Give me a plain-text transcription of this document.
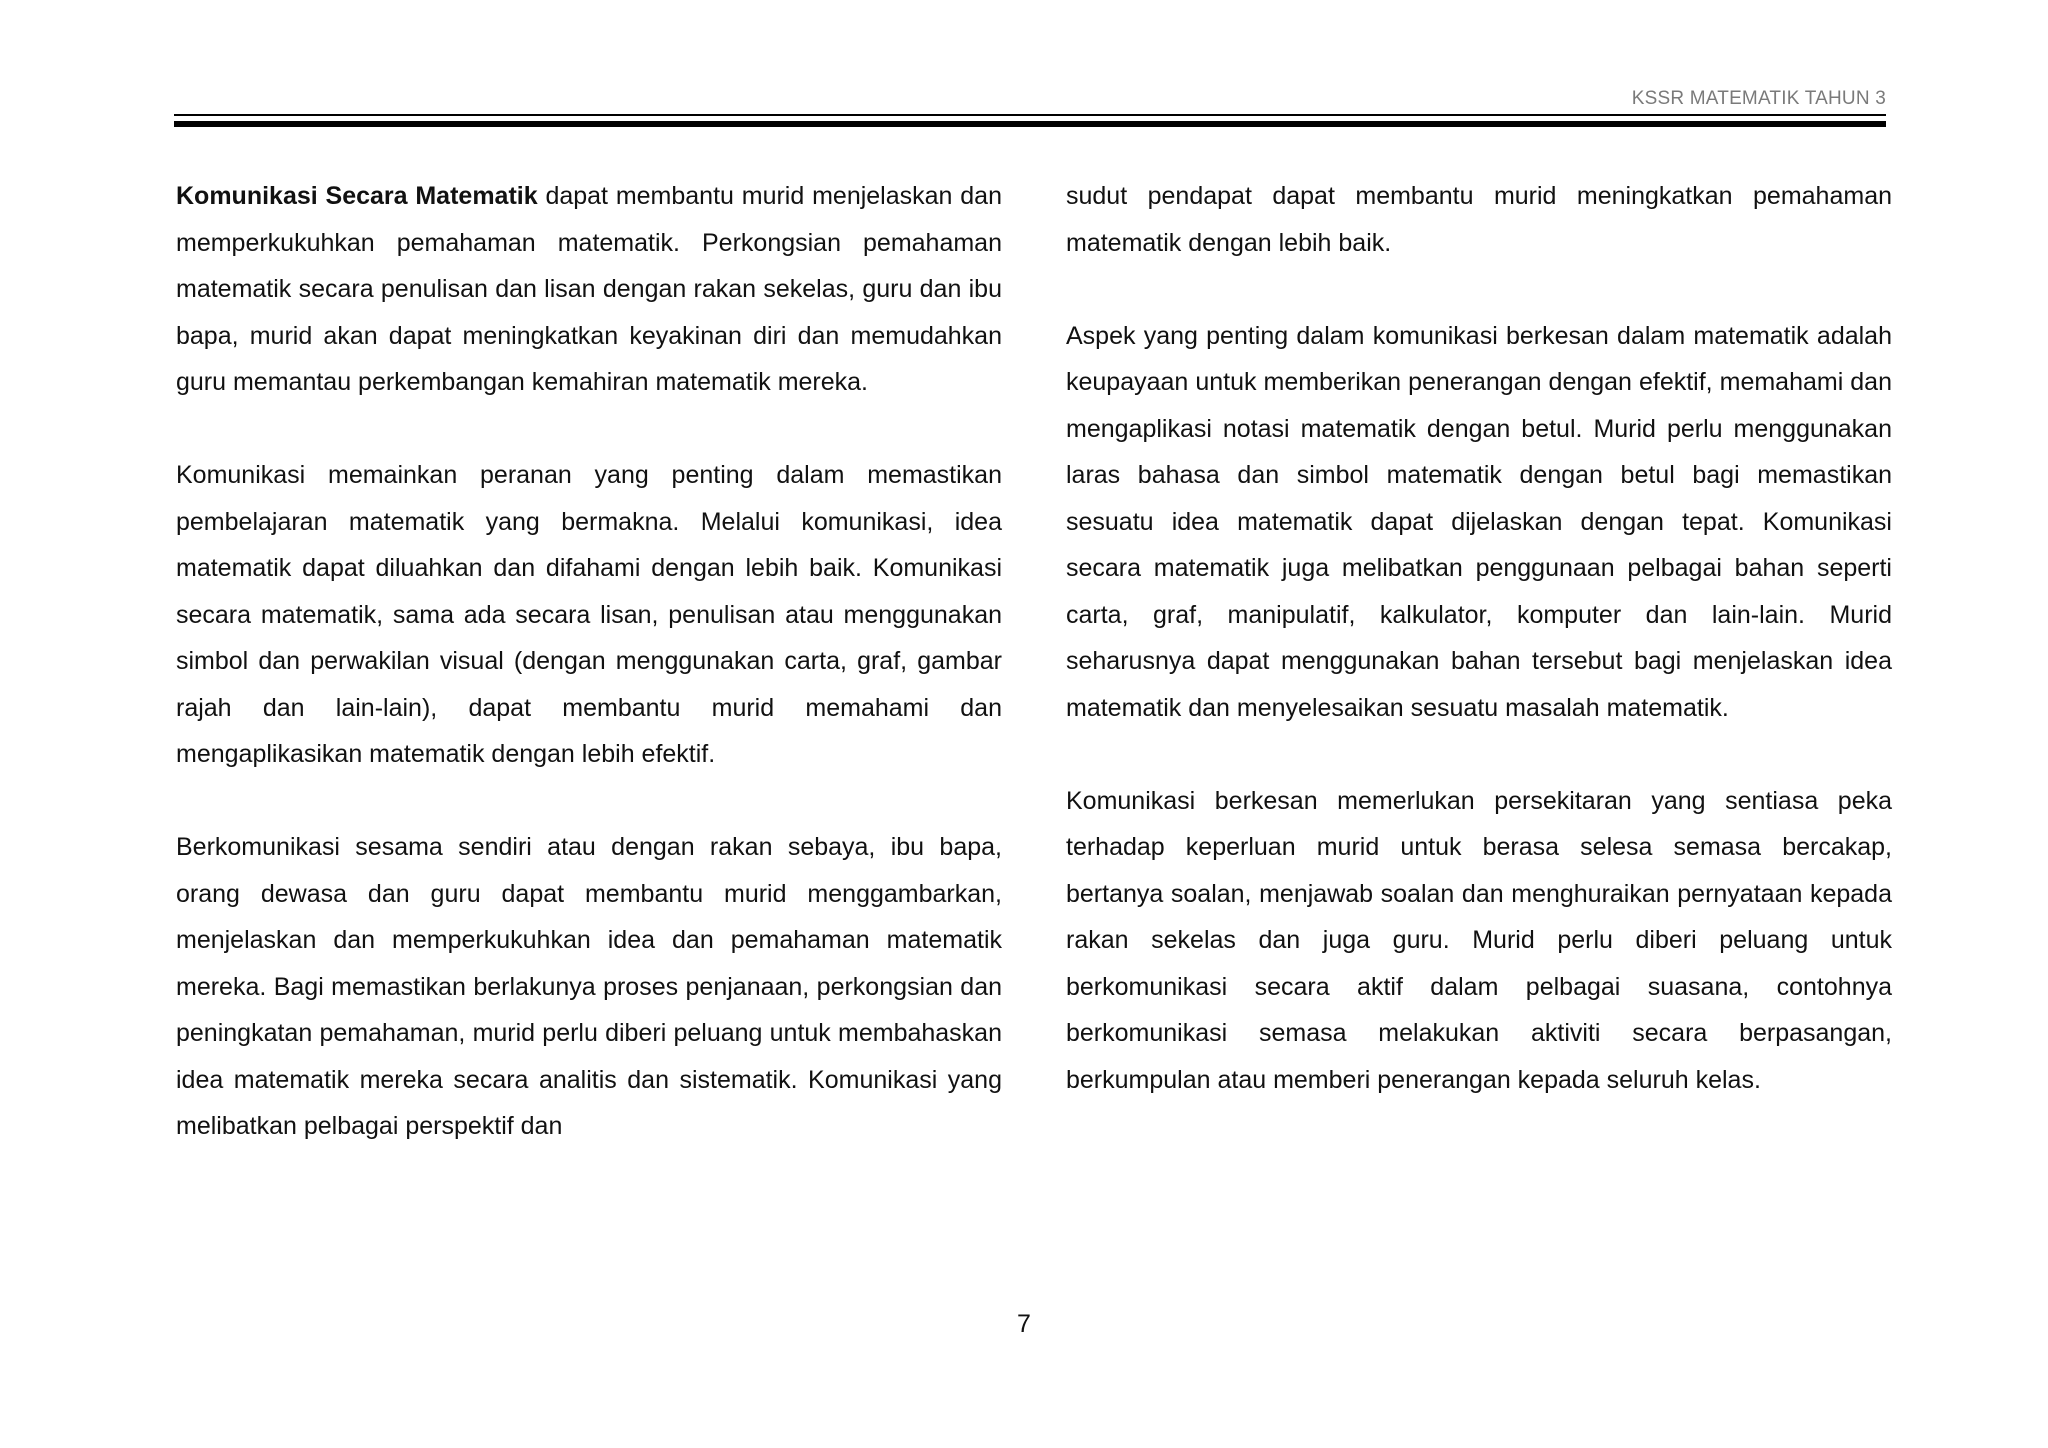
KSSR MATEMATIK TAHUN 3

Komunikasi Secara Matematik dapat membantu murid menjelaskan dan memperkukuhkan pemahaman matematik. Perkongsian pemahaman matematik secara penulisan dan lisan dengan rakan sekelas, guru dan ibu bapa, murid akan dapat meningkatkan keyakinan diri dan memudahkan guru memantau perkembangan kemahiran matematik mereka.

Komunikasi memainkan peranan yang penting dalam memastikan pembelajaran matematik yang bermakna. Melalui komunikasi, idea matematik dapat diluahkan dan difahami dengan lebih baik. Komunikasi secara matematik, sama ada secara lisan, penulisan atau menggunakan simbol dan perwakilan visual (dengan menggunakan carta, graf, gambar rajah dan lain-lain), dapat membantu murid memahami dan mengaplikasikan matematik dengan lebih efektif.

Berkomunikasi sesama sendiri atau dengan rakan sebaya, ibu bapa, orang dewasa dan guru dapat membantu murid menggambarkan, menjelaskan dan memperkukuhkan idea dan pemahaman matematik mereka. Bagi memastikan berlakunya proses penjanaan, perkongsian dan peningkatan pemahaman, murid perlu diberi peluang untuk membahaskan idea matematik mereka secara analitis dan sistematik. Komunikasi yang melibatkan pelbagai perspektif dan

sudut pendapat dapat membantu murid meningkatkan pemahaman matematik dengan lebih baik.

Aspek yang penting dalam komunikasi berkesan dalam matematik adalah keupayaan untuk memberikan penerangan dengan efektif, memahami dan mengaplikasi notasi matematik dengan betul. Murid perlu menggunakan laras bahasa dan simbol matematik dengan betul bagi memastikan sesuatu idea matematik dapat dijelaskan dengan tepat. Komunikasi secara matematik juga melibatkan penggunaan pelbagai bahan seperti carta, graf, manipulatif, kalkulator, komputer dan lain-lain. Murid seharusnya dapat menggunakan bahan tersebut bagi menjelaskan idea matematik dan menyelesaikan sesuatu masalah matematik.

Komunikasi berkesan memerlukan persekitaran yang sentiasa peka terhadap keperluan murid untuk berasa selesa semasa bercakap, bertanya soalan, menjawab soalan dan menghuraikan pernyataan kepada rakan sekelas dan juga guru. Murid perlu diberi peluang untuk berkomunikasi secara aktif dalam pelbagai suasana, contohnya berkomunikasi semasa melakukan aktiviti secara berpasangan, berkumpulan atau memberi penerangan kepada seluruh kelas.

7
